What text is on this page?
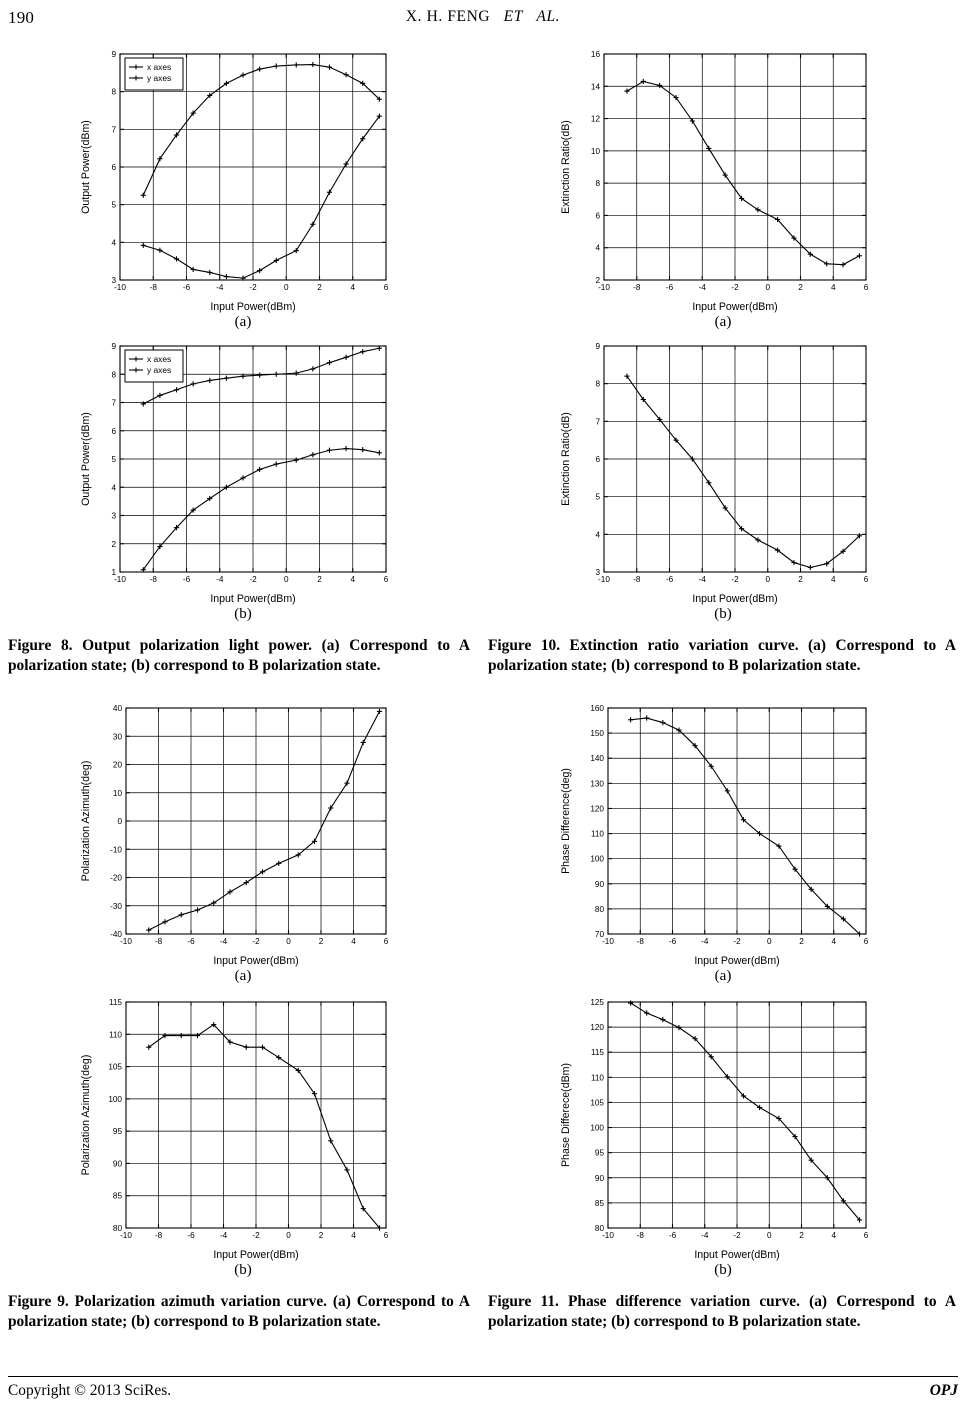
190	X. H. FENG ET AL.
-10	-8	-6	-4	-2	0	2	4	6
3
4
5
6
7
8
9
Input Power(dBm)
Output Power(dBm)
x axes
y axes
(a)
-10	-8	-6	-4	-2	0	2	4	6
1
2
3
4
5
6
7
8
9
Input Power(dBm)
Output Power(dBm)
x axes
y axes
(b)
Figure 8. Output polarization light power. (a) Correspond to A polarization state; (b) correspond to B polarization state.
-10	-8	-6	-4	-2	0	2	4	6
-40
-30
-20
-10
0
10
20
30
40
Input Power(dBm)
Polarization Azimuth(deg)
(a)
-10	-8	-6	-4	-2	0	2	4	6
80
85
90
95
100
105
110
115
Input Power(dBm)
Polarization Azimuth(deg)
(b)
Figure 9. Polarization azimuth variation curve. (a) Correspond to A polarization state; (b) correspond to B polarization state.
-10	-8	-6	-4	-2	0	2	4	6
2
4
6
8
10
12
14
16
Input Power(dBm)
Extinction Ratio(dB)
(a)
-10	-8	-6	-4	-2	0	2	4	6
3
4
5
6
7
8
9
Input Power(dBm)
Extinction Ratio(dB)
(b)
Figure 10. Extinction ratio variation curve. (a) Correspond to A polarization state; (b) correspond to B polarization state.
-10	-8	-6	-4	-2	0	2	4	6
70
80
90
100
110
120
130
140
150
160
Input Power(dBm)
Phase Difference(deg)
(a)
-10	-8	-6	-4	-2	0	2	4	6
80
85
90
95
100
105
110
115
120
125
Input Power(dBm)
Phase Differece(dBm)
(b)
Figure 11. Phase difference variation curve. (a) Correspond to A polarization state; (b) correspond to B polarization state.
Copyright © 2013 SciRes.	OPJ
